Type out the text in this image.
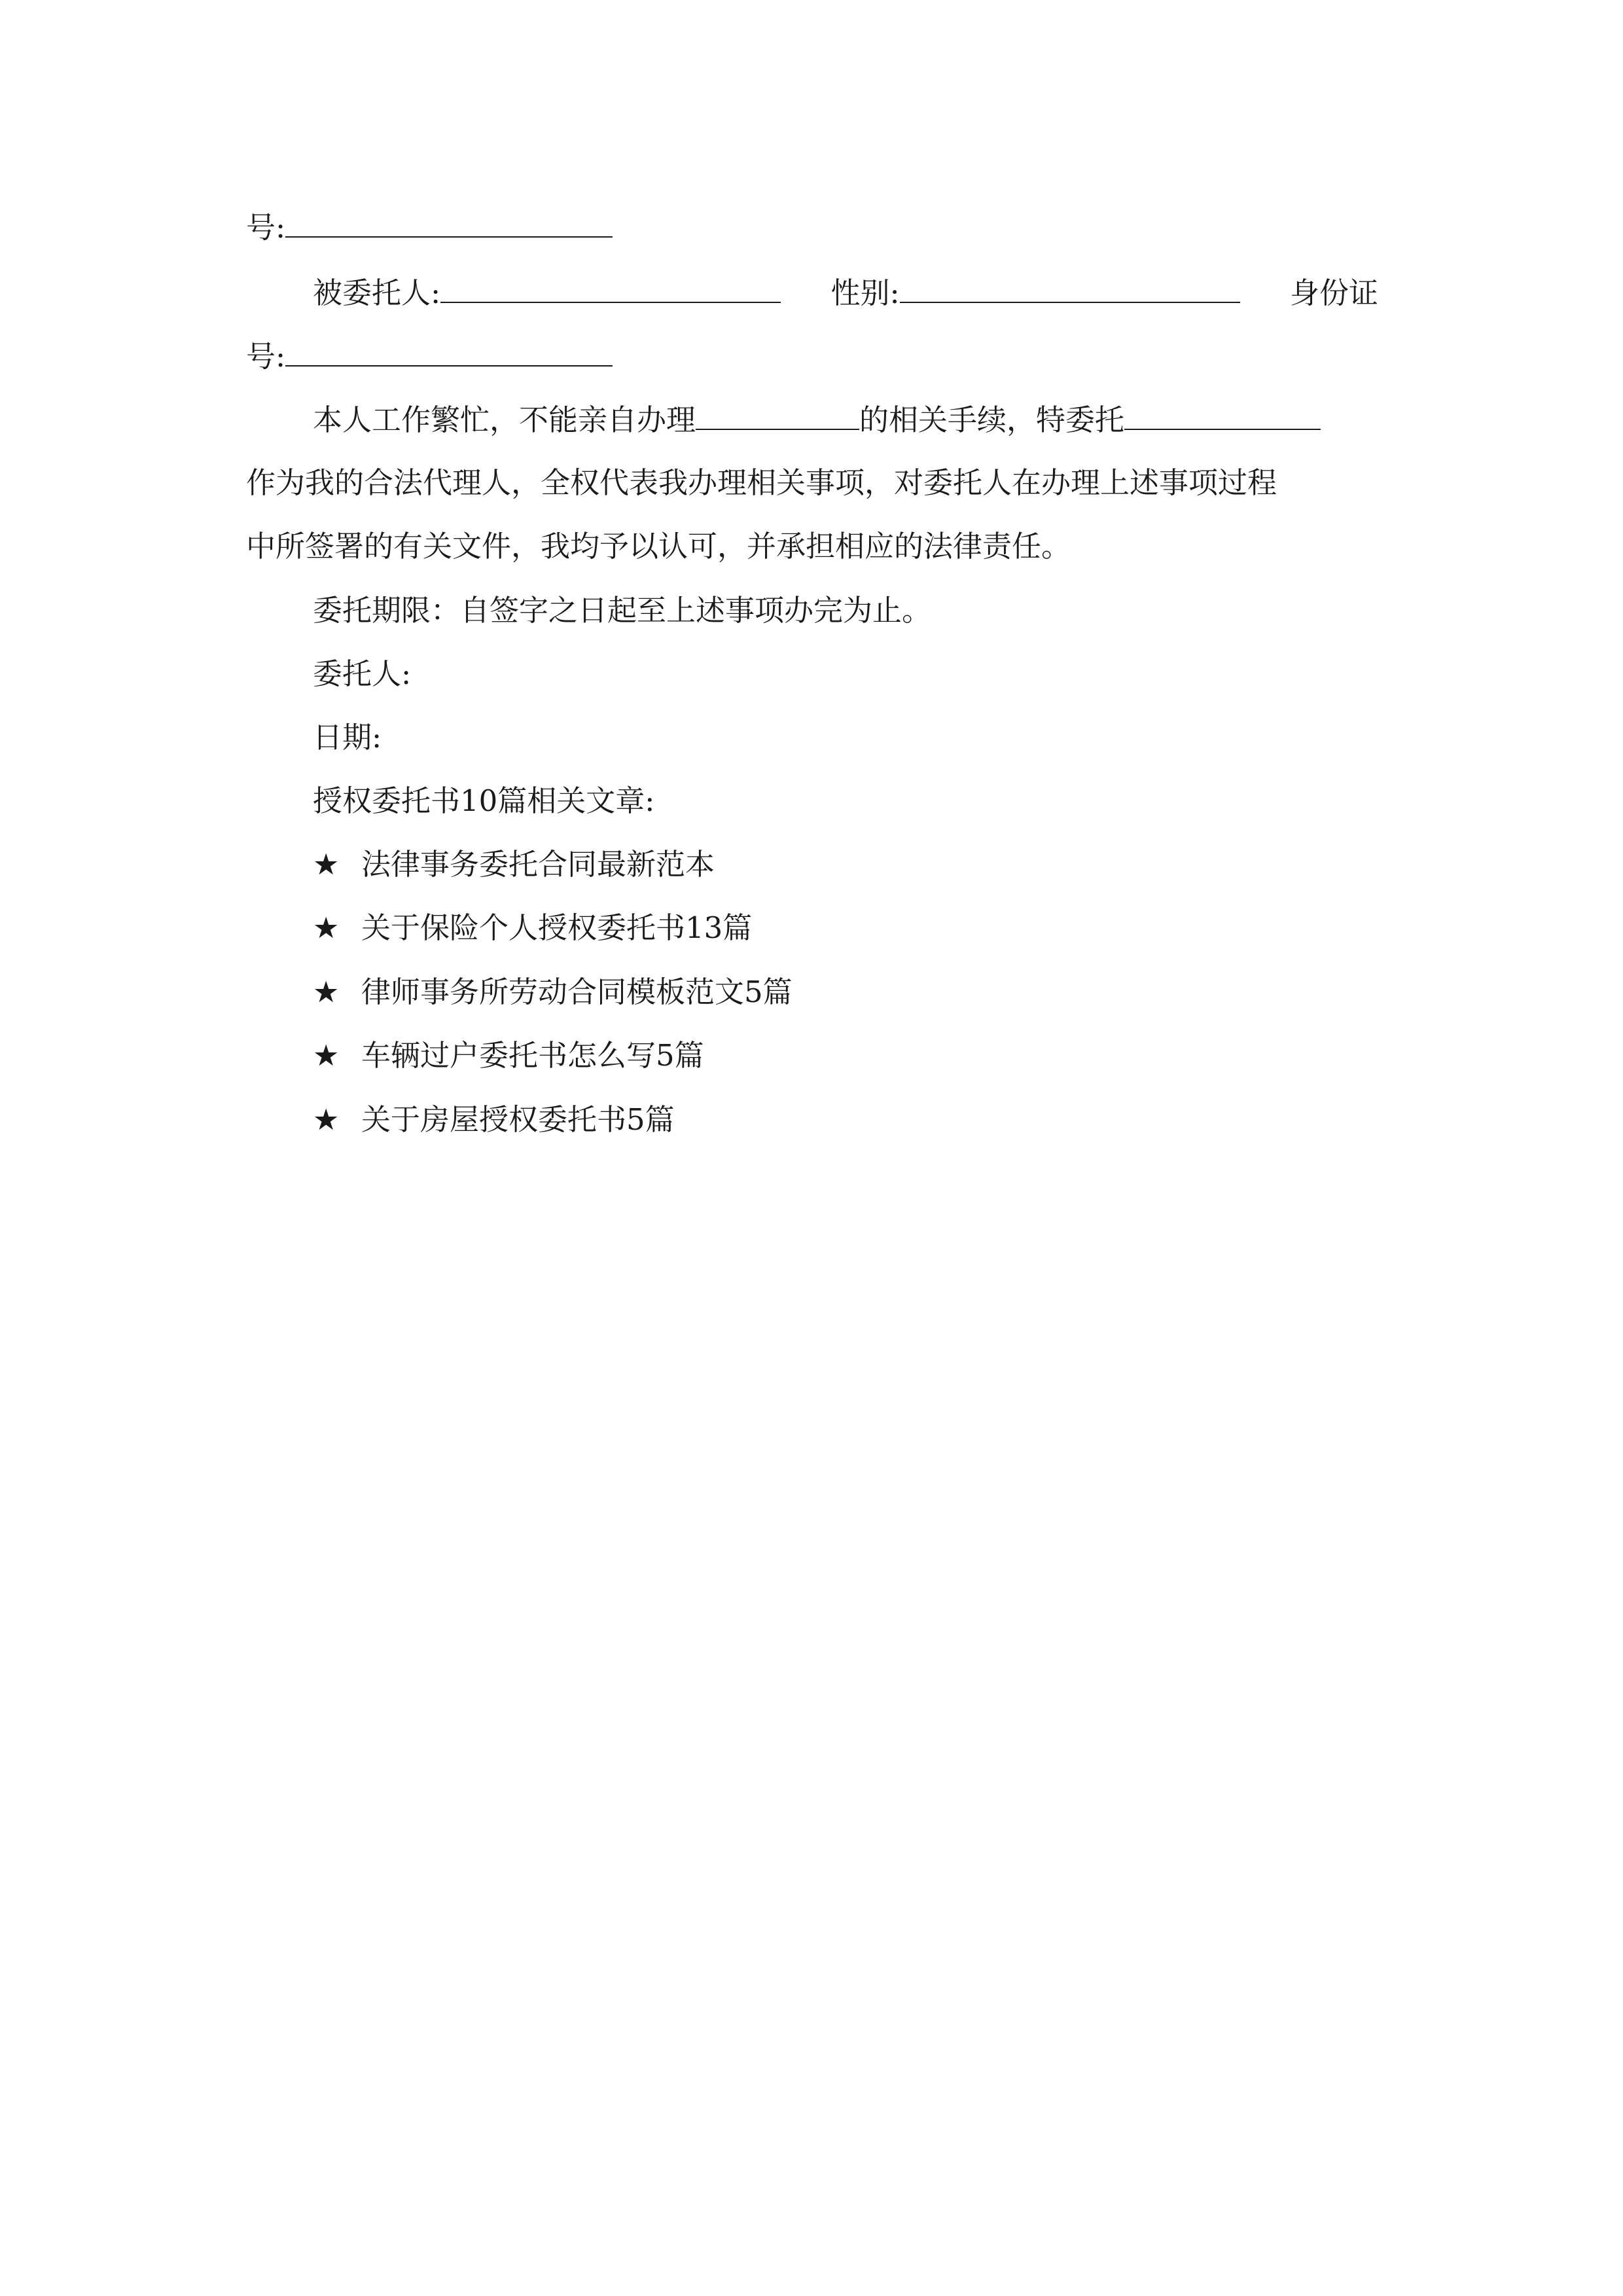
号:
被委托人:	性别:	身份证
号:
本人工作繁忙，不能亲自办理	的相关手续，特委托
作为我的合法代理人，全权代表我办理相关事项，对委托人在办理上述事项过程
中所签署的有关文件，我均予以认可，并承担相应的法律责任。
委托期限：自签字之日起至上述事项办完为止。
委托人:
日期:
授权委托书10篇相关文章:
★ 法律事务委托合同最新范本
★ 关于保险个人授权委托书13篇
★ 律师事务所劳动合同模板范文5篇
★ 车辆过户委托书怎么写5篇
★ 关于房屋授权委托书5篇
